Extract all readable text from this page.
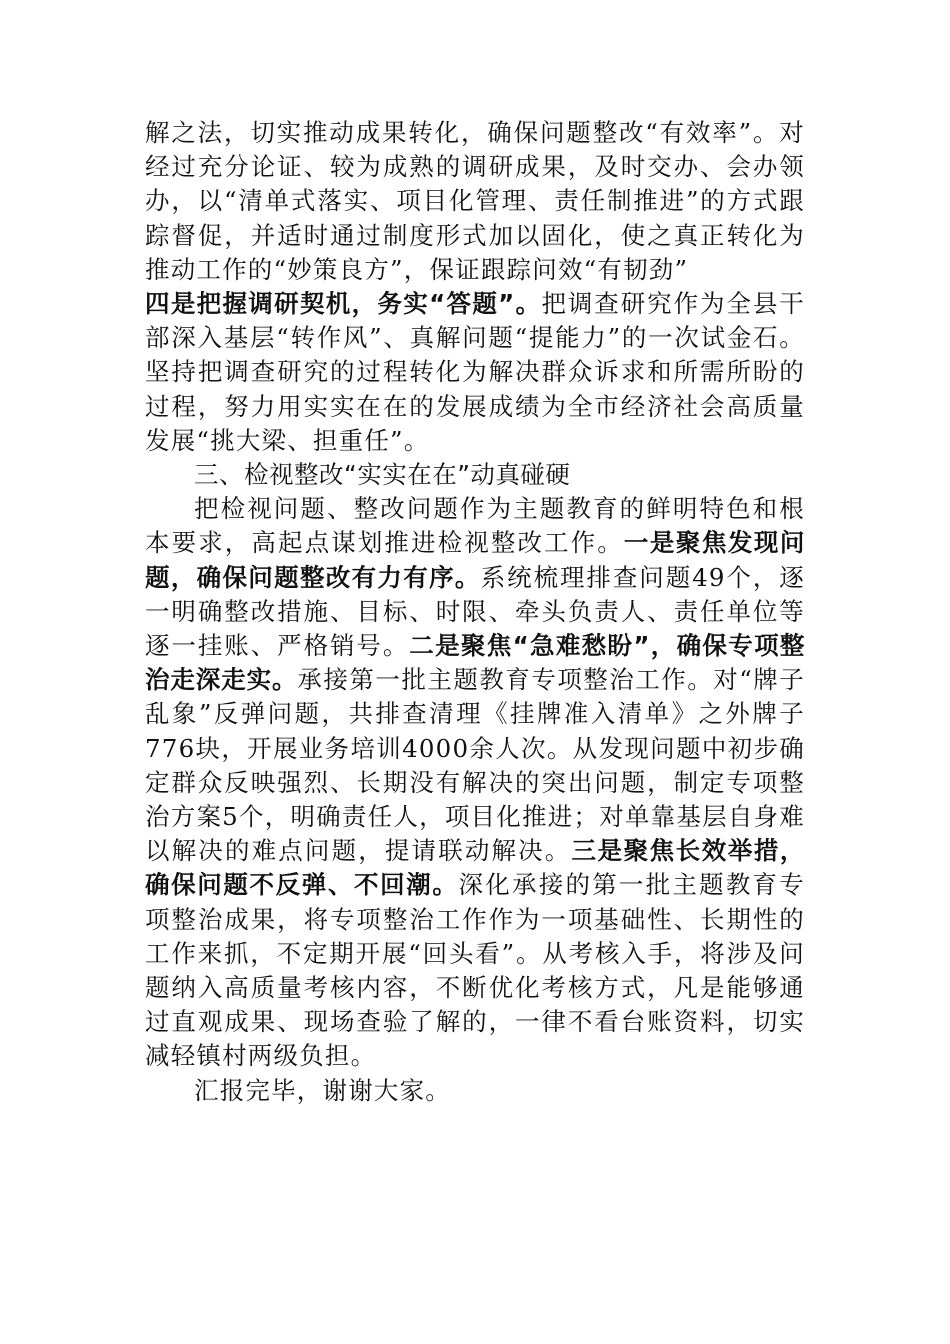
解之法，切实推动成果转化，确保问题整改“有效率”。对经过充分论证、较为成熟的调研成果，及时交办、会办领办，以“清单式落实、项目化管理、责任制推进”的方式跟踪督促，并适时通过制度形式加以固化，使之真正转化为推动工作的“妙策良方”，保证跟踪问效“有韧劲”

四是把握调研契机，务实“答题”。把调查研究作为全县干部深入基层“转作风”、真解问题“提能力”的一次试金石。坚持把调查研究的过程转化为解决群众诉求和所需所盼的过程，努力用实实在在的发展成绩为全市经济社会高质量发展“挑大梁、担重任”。

三、检视整改“实实在在”动真碰硬

把检视问题、整改问题作为主题教育的鲜明特色和根本要求，高起点谋划推进检视整改工作。一是聚焦发现问题，确保问题整改有力有序。系统梳理排查问题49个，逐一明确整改措施、目标、时限、牵头负责人、责任单位等逐一挂账、严格销号。二是聚焦“急难愁盼”，确保专项整治走深走实。承接第一批主题教育专项整治工作。对“牌子乱象”反弹问题，共排查清理《挂牌准入清单》之外牌子776块，开展业务培训4000余人次。从发现问题中初步确定群众反映强烈、长期没有解决的突出问题，制定专项整治方案5个，明确责任人，项目化推进；对单靠基层自身难以解决的难点问题，提请联动解决。三是聚焦长效举措，确保问题不反弹、不回潮。深化承接的第一批主题教育专项整治成果，将专项整治工作作为一项基础性、长期性的工作来抓，不定期开展“回头看”。从考核入手，将涉及问题纳入高质量考核内容，不断优化考核方式，凡是能够通过直观成果、现场查验了解的，一律不看台账资料，切实减轻镇村两级负担。

汇报完毕，谢谢大家。
